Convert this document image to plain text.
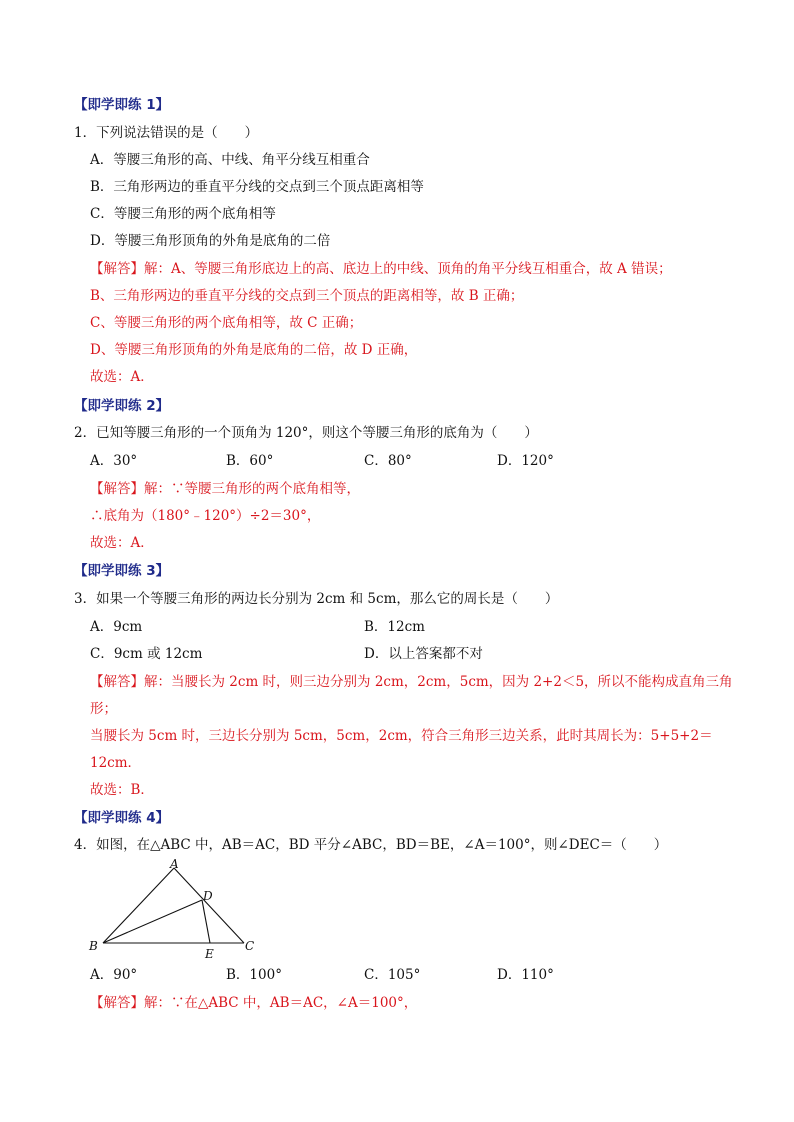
【即学即练 1】
1．下列说法错误的是（　　）
A．等腰三角形的高、中线、角平分线互相重合
B．三角形两边的垂直平分线的交点到三个顶点距离相等
C．等腰三角形的两个底角相等
D．等腰三角形顶角的外角是底角的二倍
【解答】解：A、等腰三角形底边上的高、底边上的中线、顶角的角平分线互相重合，故 A 错误；
B、三角形两边的垂直平分线的交点到三个顶点的距离相等，故 B 正确；
C、等腰三角形的两个底角相等，故 C 正确；
D、等腰三角形顶角的外角是底角的二倍，故 D 正确，
故选：A．
【即学即练 2】
2．已知等腰三角形的一个顶角为 120°，则这个等腰三角形的底角为（　　）
A．30°	B．60°	C．80°	D．120°
【解答】解：∵等腰三角形的两个底角相等，
∴底角为（180°﹣120°）÷2＝30°，
故选：A．
【即学即练 3】
3．如果一个等腰三角形的两边长分别为 2cm 和 5cm，那么它的周长是（　　）
A．9cm	B．12cm
C．9cm 或 12cm	D．以上答案都不对
【解答】解：当腰长为 2cm 时，则三边分别为 2cm，2cm，5cm，因为 2+2＜5，所以不能构成直角三角
形；
当腰长为 5cm 时，三边长分别为 5cm，5cm，2cm，符合三角形三边关系，此时其周长为：5+5+2＝
12cm．
故选：B．
【即学即练 4】
4．如图，在△ABC 中，AB＝AC，BD 平分∠ABC，BD＝BE，∠A＝100°，则∠DEC＝（　　）
A
D
B
E
C
A．90°	B．100°	C．105°	D．110°
【解答】解：∵在△ABC 中，AB＝AC，∠A＝100°，
